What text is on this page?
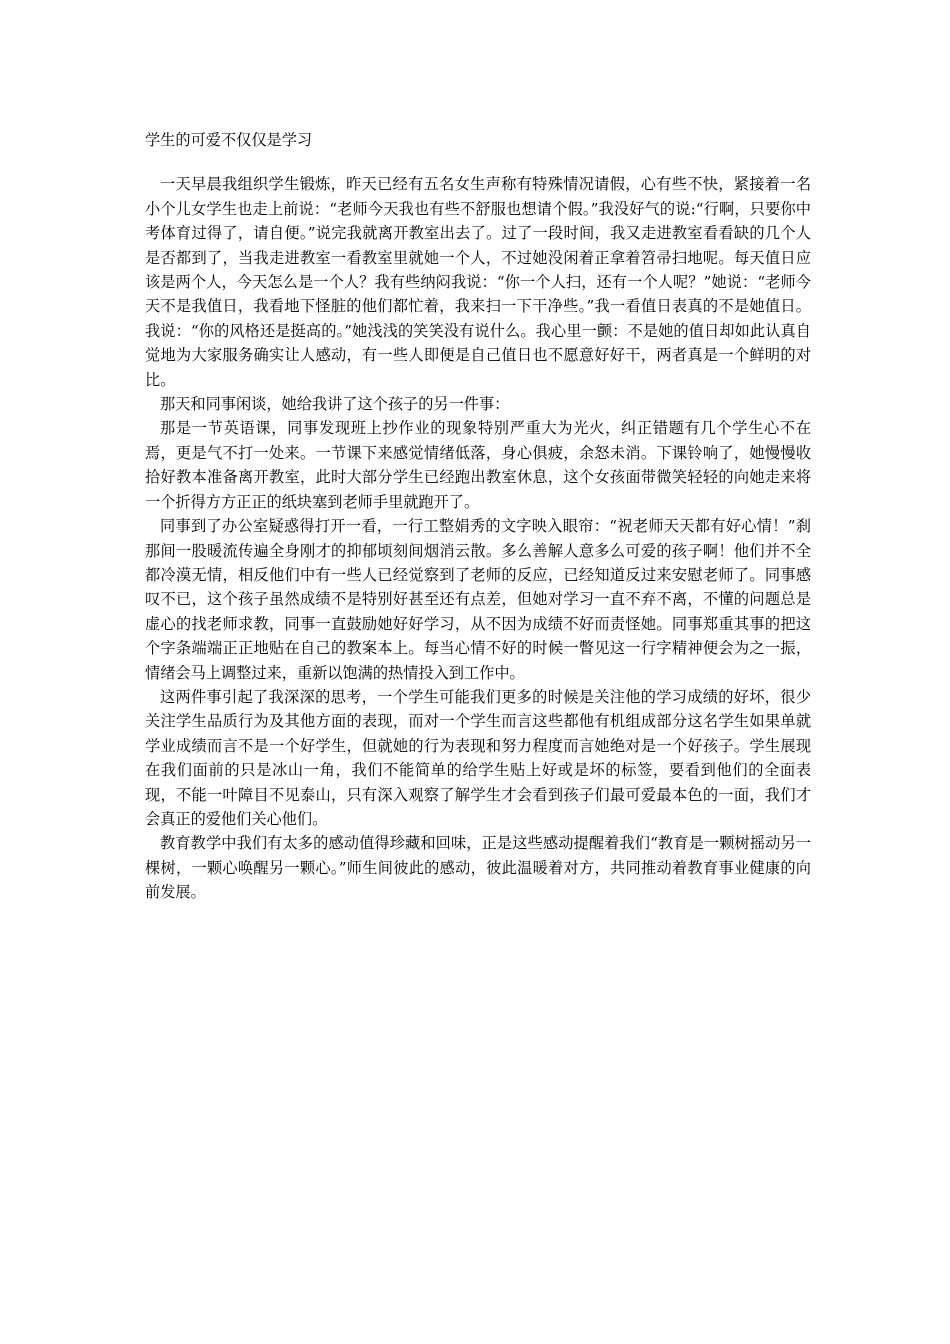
学生的可爱不仅仅是学习

一天早晨我组织学生锻炼，昨天已经有五名女生声称有特殊情况请假，心有些不快，紧接着一名小个儿女学生也走上前说：“老师今天我也有些不舒服也想请个假。”我没好气的说:“行啊，只要你中考体育过得了，请自便。”说完我就离开教室出去了。过了一段时间，我又走进教室看看缺的几个人是否都到了，当我走进教室一看教室里就她一个人，不过她没闲着正拿着笤帚扫地呢。每天值日应该是两个人，今天怎么是一个人？我有些纳闷我说：“你一个人扫，还有一个人呢？”她说：“老师今天不是我值日，我看地下怪脏的他们都忙着，我来扫一下干净些。”我一看值日表真的不是她值日。我说：“你的风格还是挺高的。”她浅浅的笑笑没有说什么。我心里一颤：不是她的值日却如此认真自觉地为大家服务确实让人感动，有一些人即便是自己值日也不愿意好好干，两者真是一个鲜明的对比。

那天和同事闲谈，她给我讲了这个孩子的另一件事：

那是一节英语课，同事发现班上抄作业的现象特别严重大为光火，纠正错题有几个学生心不在焉，更是气不打一处来。一节课下来感觉情绪低落，身心俱疲，余怒未消。下课铃响了，她慢慢收拾好教本准备离开教室，此时大部分学生已经跑出教室休息，这个女孩面带微笑轻轻的向她走来将一个折得方方正正的纸块塞到老师手里就跑开了。

同事到了办公室疑惑得打开一看，一行工整娟秀的文字映入眼帘：“祝老师天天都有好心情！”刹那间一股暖流传遍全身刚才的抑郁顷刻间烟消云散。多么善解人意多么可爱的孩子啊！他们并不全都冷漠无情，相反他们中有一些人已经觉察到了老师的反应，已经知道反过来安慰老师了。同事感叹不已，这个孩子虽然成绩不是特别好甚至还有点差，但她对学习一直不弃不离，不懂的问题总是虚心的找老师求教，同事一直鼓励她好好学习，从不因为成绩不好而责怪她。同事郑重其事的把这个字条端端正正地贴在自己的教案本上。每当心情不好的时候一瞥见这一行字精神便会为之一振，情绪会马上调整过来，重新以饱满的热情投入到工作中。

这两件事引起了我深深的思考，一个学生可能我们更多的时候是关注他的学习成绩的好坏，很少关注学生品质行为及其他方面的表现，而对一个学生而言这些都他有机组成部分这名学生如果单就学业成绩而言不是一个好学生，但就她的行为表现和努力程度而言她绝对是一个好孩子。学生展现在我们面前的只是冰山一角，我们不能简单的给学生贴上好或是坏的标签，要看到他们的全面表现，不能一叶障目不见泰山，只有深入观察了解学生才会看到孩子们最可爱最本色的一面，我们才会真正的爱他们关心他们。

教育教学中我们有太多的感动值得珍藏和回味，正是这些感动提醒着我们“教育是一颗树摇动另一棵树，一颗心唤醒另一颗心。”师生间彼此的感动，彼此温暖着对方，共同推动着教育事业健康的向前发展。
